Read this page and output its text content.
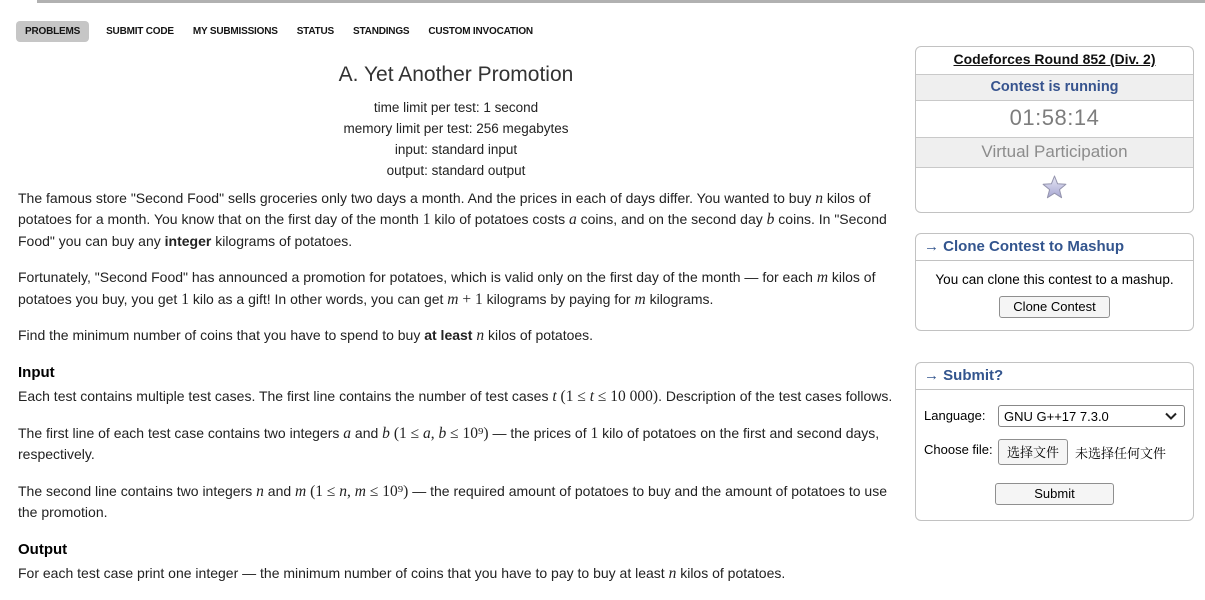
PROBLEMS	SUBMIT CODE MY SUBMISSIONS STATUS STANDINGS CUSTOM INVOCATION
A. Yet Another Promotion
time limit per test: 1 second
memory limit per test: 256 megabytes
input: standard input
output: standard output

The famous store "Second Food" sells groceries only two days a month. And the prices in each of days differ. You wanted to buy n kilos of potatoes for a month. You know that on the first day of the month 1 kilo of potatoes costs a coins, and on the second day b coins. In "Second Food" you can buy any integer kilograms of potatoes.

Fortunately, "Second Food" has announced a promotion for potatoes, which is valid only on the first day of the month — for each m kilos of potatoes you buy, you get 1 kilo as a gift! In other words, you can get m + 1 kilograms by paying for m kilograms.

Find the minimum number of coins that you have to spend to buy at least n kilos of potatoes.

Input

Each test contains multiple test cases. The first line contains the number of test cases t (1 ≤ t ≤ 10 000). Description of the test cases follows.

The first line of each test case contains two integers a and b (1 ≤ a, b ≤ 10⁹) — the prices of 1 kilo of potatoes on the first and second days, respectively.

The second line contains two integers n and m (1 ≤ n, m ≤ 10⁹) — the required amount of potatoes to buy and the amount of potatoes to use the promotion.

Output

For each test case print one integer — the minimum number of coins that you have to pay to buy at least n kilos of potatoes.

Codeforces Round 852 (Div. 2)
Contest is running
01:58:14
Virtual Participation
→ Clone Contest to Mashup
You can clone this contest to a mashup.
Clone Contest
→ Submit?
Language:
GNU G++17 7.3.0
Choose file:	选择文件	未选择任何文件
Submit
